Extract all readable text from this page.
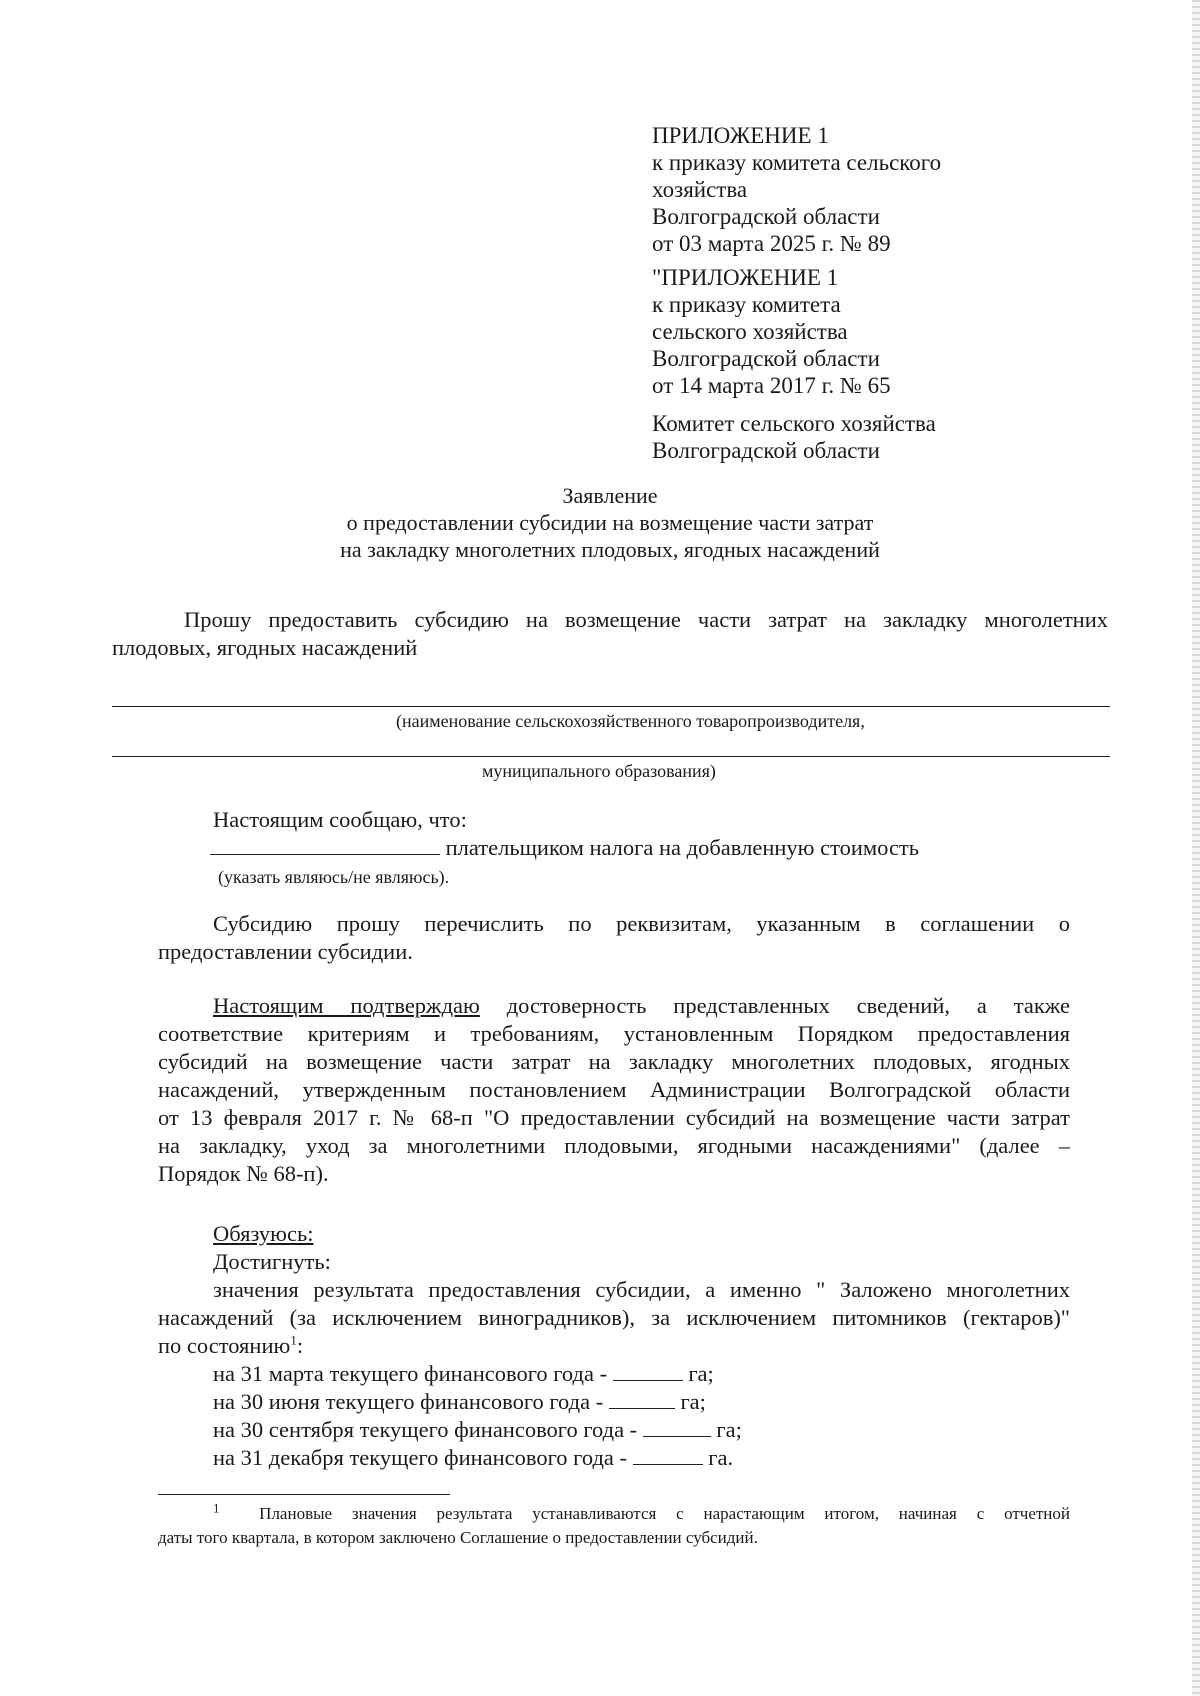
ПРИЛОЖЕНИЕ 1
к приказу комитета сельского
хозяйства
Волгоградской области
от 03 марта 2025 г. № 89
"ПРИЛОЖЕНИЕ 1
к приказу комитета
сельского хозяйства
Волгоградской области
от 14 марта 2017 г. № 65
Комитет сельского хозяйства
Волгоградской области
Заявление
о предоставлении субсидии на возмещение части затрат
на закладку многолетних плодовых, ягодных насаждений
Прошу предоставить субсидию на возмещение части затрат на закладку многолетних
плодовых, ягодных насаждений
(наименование сельскохозяйственного товаропроизводителя,
муниципального образования)
Настоящим сообщаю, что:
плательщиком налога на добавленную стоимость
(указать являюсь/не являюсь).
Субсидию прошу перечислить по реквизитам, указанным в соглашении о
предоставлении субсидии.
Настоящим подтверждаю достоверность представленных сведений, а также
соответствие критериям и требованиям, установленным Порядком предоставления
субсидий на возмещение части затрат на закладку многолетних плодовых, ягодных
насаждений, утвержденным постановлением Администрации Волгоградской области
от 13 февраля 2017 г. № 68-п "О предоставлении субсидий на возмещение части затрат
на закладку, уход за многолетними плодовыми, ягодными насаждениями" (далее –
Порядок № 68-п).
Обязуюсь:
Достигнуть:
значения результата предоставления субсидии, а именно " Заложено многолетних
насаждений (за исключением виноградников), за исключением питомников (гектаров)"
по состоянию$^1$:
на 31 марта текущего финансового года -	га;
на 30 июня текущего финансового года -	га;
на 30 сентября текущего финансового года -	га;
на 31 декабря текущего финансового года -	га.
$^1$ Плановые значения результата устанавливаются с нарастающим итогом, начиная с отчетной
даты того квартала, в котором заключено Соглашение о предоставлении субсидий.
